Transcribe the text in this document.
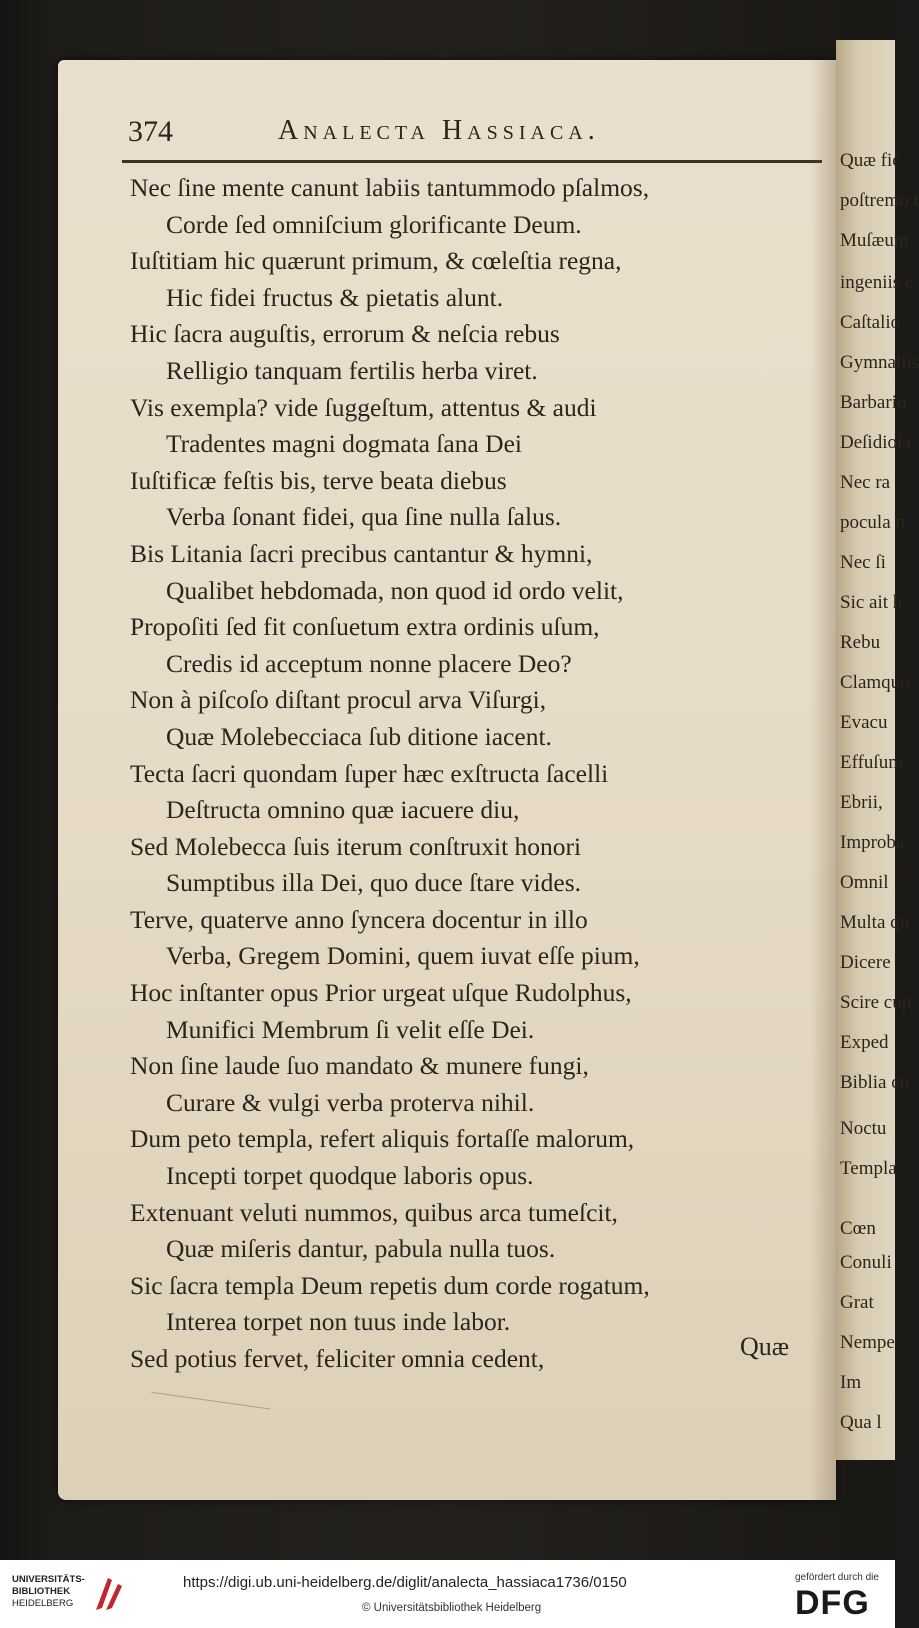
374	Analecta Hassiaca.
Nec ſine mente canunt labiis tantummodo pſalmos,
Corde ſed omniſcium glorificante Deum.
Iuſtitiam hic quærunt primum, & cœleſtia regna,
Hic fidei fructus & pietatis alunt.
Hic ſacra auguſtis, errorum & neſcia rebus
Relligio tanquam fertilis herba viret.
Vis exempla? vide ſuggeſtum, attentus & audi
Tradentes magni dogmata ſana Dei
Iuſtificæ feſtis bis, terve beata diebus
Verba ſonant fidei, qua ſine nulla ſalus.
Bis Litania ſacri precibus cantantur & hymni,
Qualibet hebdomada, non quod id ordo velit,
Propoſiti ſed fit conſuetum extra ordinis uſum,
Credis id acceptum nonne placere Deo?
Non à piſcoſo diſtant procul arva Viſurgi,
Quæ Molebecciaca ſub ditione iacent.
Tecta ſacri quondam ſuper hæc exſtructa ſacelli
Deſtructa omnino quæ iacuere diu,
Sed Molebecca ſuis iterum conſtruxit honori
Sumptibus illa Dei, quo duce ſtare vides.
Terve, quaterve anno ſyncera docentur in illo
Verba, Gregem Domini, quem iuvat eſſe pium,
Hoc inſtanter opus Prior urgeat uſque Rudolphus,
Munifici Membrum ſi velit eſſe Dei.
Non ſine laude ſuo mandato & munere fungi,
Curare & vulgi verba proterva nihil.
Dum peto templa, refert aliquis fortaſſe malorum,
Incepti torpet quodque laboris opus.
Extenuant veluti nummos, quibus arca tumeſcit,
Quæ miſeris dantur, pabula nulla tuos.
Sic ſacra templa Deum repetis dum corde rogatum,
Interea torpet non tuus inde labor.
Sed potius fervet, feliciter omnia cedent,	Quæ
Quæ fic
poſtremo t
Muſæum
ingeniis c
Caſtalio
Gymnaſiis
Barbario
Deſidioſa
Nec ra
pocula n
Nec ſi
Sic ait h
Rebu
Clamquo
Evacu
Effuſum
Ebrii,
Improba
Omnil
Multa qu
Dicere
Scire cup
Exped
Biblia cu
Noctu
Templa
Cœn
Conuli
Grat
Nempe
Im
Qua l
UNIVERSITÄTS-
BIBLIOTHEK
HEIDELBERG
https://digi.ub.uni-heidelberg.de/diglit/analecta_hassiaca1736/0150
© Universitätsbibliothek Heidelberg
gefördert durch die
DFG
